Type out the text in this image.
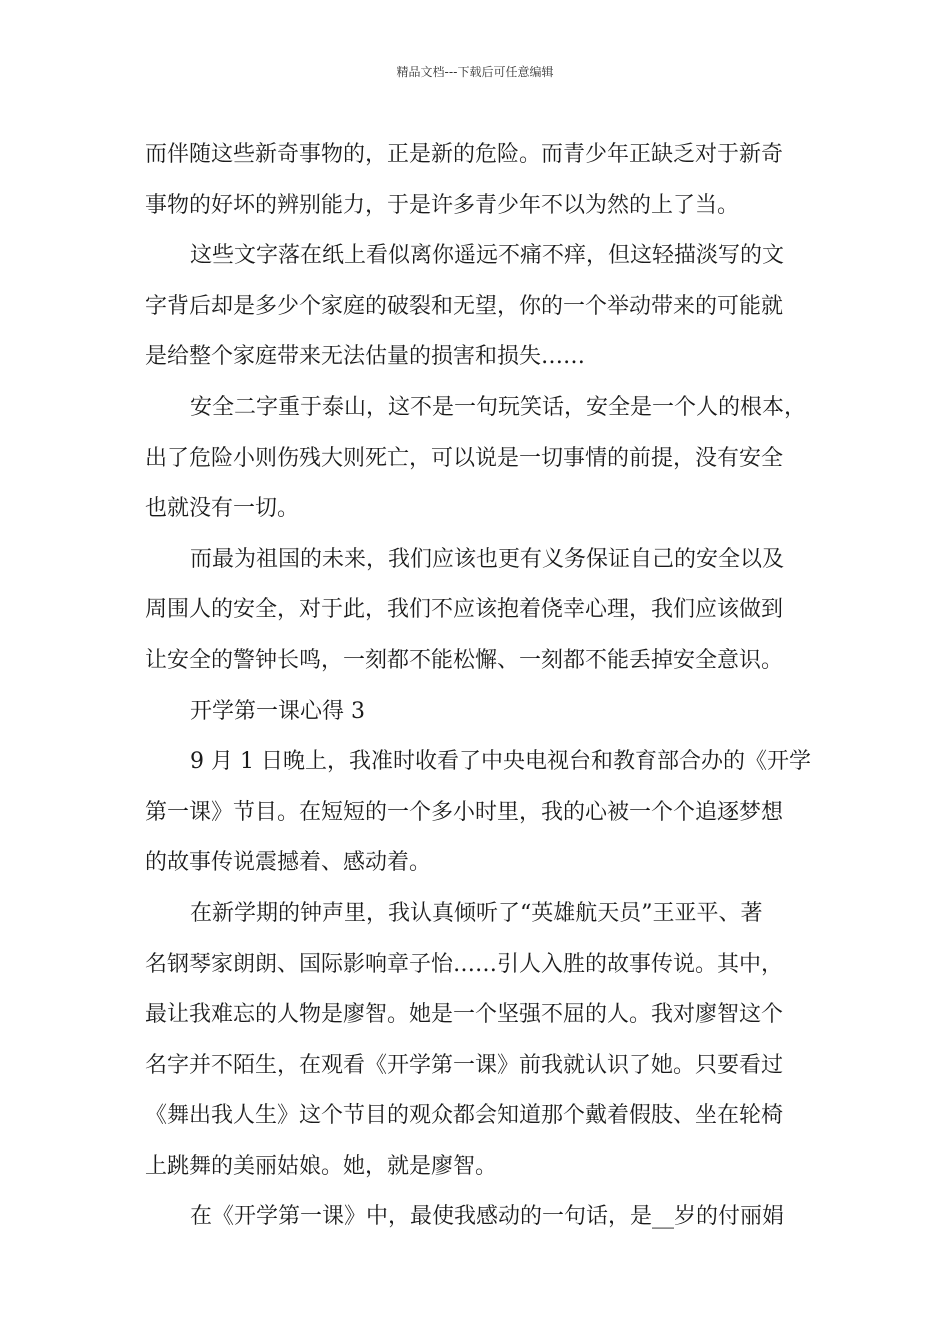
精品文档---下载后可任意编辑
而伴随这些新奇事物的，正是新的危险。而青少年正缺乏对于新奇
事物的好坏的辨别能力，于是许多青少年不以为然的上了当。
这些文字落在纸上看似离你遥远不痛不痒，但这轻描淡写的文
字背后却是多少个家庭的破裂和无望，你的一个举动带来的可能就
是给整个家庭带来无法估量的损害和损失……
安全二字重于泰山，这不是一句玩笑话，安全是一个人的根本，
出了危险小则伤残大则死亡，可以说是一切事情的前提，没有安全
也就没有一切。
而最为祖国的未来，我们应该也更有义务保证自己的安全以及
周围人的安全，对于此，我们不应该抱着侥幸心理，我们应该做到
让安全的警钟长鸣，一刻都不能松懈、一刻都不能丢掉安全意识。
开学第一课心得 3
9 月 1 日晚上，我准时收看了中央电视台和教育部合办的《开学
第一课》节目。在短短的一个多小时里，我的心被一个个追逐梦想
的故事传说震撼着、感动着。
在新学期的钟声里，我认真倾听了“英雄航天员”王亚平、著
名钢琴家朗朗、国际影响章子怡……引人入胜的故事传说。其中，
最让我难忘的人物是廖智。她是一个坚强不屈的人。我对廖智这个
名字并不陌生，在观看《开学第一课》前我就认识了她。只要看过
《舞出我人生》这个节目的观众都会知道那个戴着假肢、坐在轮椅
上跳舞的美丽姑娘。她，就是廖智。
在《开学第一课》中，最使我感动的一句话，是__岁的付丽娟
